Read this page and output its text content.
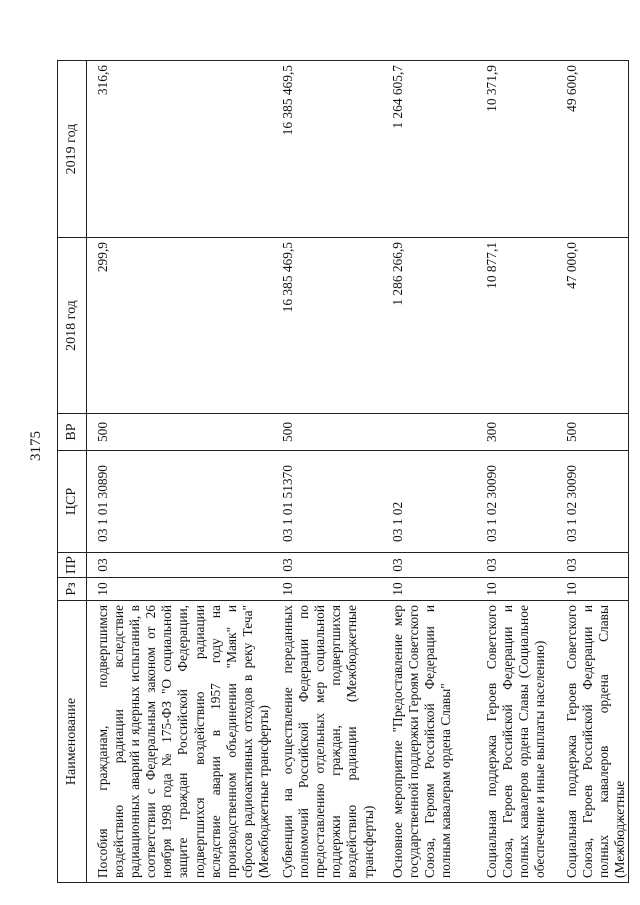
3175
Наименование	Рз	ПР	ЦСР	ВР	2018 год	2019 год

Пособия гражданам, подвергшимся воздействию радиации вследствие радиационных аварий и ядерных испытаний, в соответствии с Федеральным законом от 26 ноября 1998 года № 175-ФЗ "О социальной защите граждан Российской Федерации, подвергшихся воздействию радиации вследствие аварии в 1957 году на производственном объединении "Маяк" и сбросов радиоактивных отходов в реку Теча" (Межбюджетные трансферты)	10	03	03 1 01 30890	500	299,9	316,6

Субвенции на осуществление переданных полномочий Российской Федерации по предоставлению отдельных мер социальной поддержки граждан, подвергшихся воздействию радиации (Межбюджетные трансферты)	10	03	03 1 01 51370	500	16 385 469,5	16 385 469,5

Основное мероприятие "Предоставление мер государственной поддержки Героям Советского Союза, Героям Российской Федерации и полным кавалерам ордена Славы"	10	03	03 1 02		1 286 266,9	1 264 605,7

Социальная поддержка Героев Советского Союза, Героев Российской Федерации и полных кавалеров ордена Славы (Социальное обеспечение и иные выплаты населению)	10	03	03 1 02 30090	300	10 877,1	10 371,9

Социальная поддержка Героев Советского Союза, Героев Российской Федерации и полных кавалеров ордена Славы (Межбюджетные	10	03	03 1 02 30090	500	47 000,0	49 600,0
